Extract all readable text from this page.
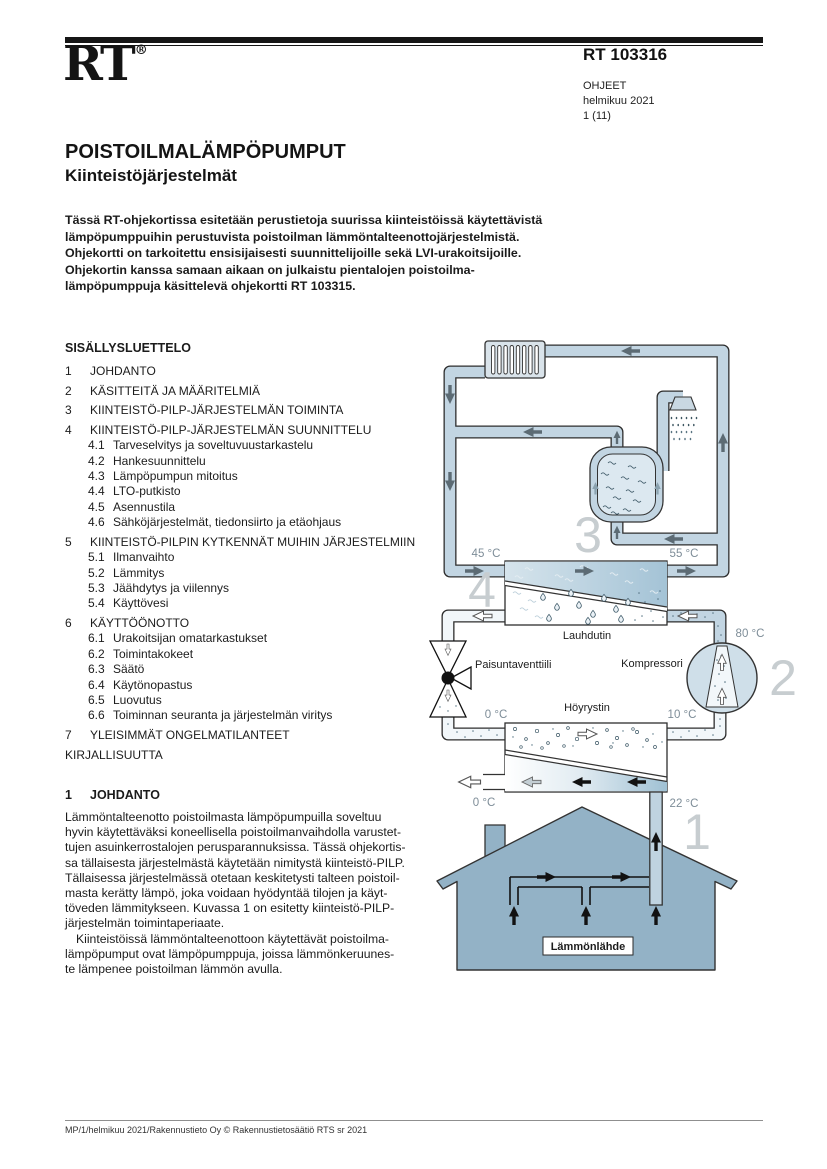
RT®	RT 103316
OHJEET
helmikuu 2021
1 (11)
POISTOILMALÄMPÖPUMPUT
Kiinteistöjärjestelmät
Tässä RT-ohjekortissa esitetään perustietoja suurissa kiinteistöissä käytettävistä
lämpöpumppuihin perustuvista poistoilman lämmöntalteenottojärjestelmistä.
Ohjekortti on tarkoitettu ensisijaisesti suunnittelijoille sekä LVI-urakoitsijoille.
Ohjekortin kanssa samaan aikaan on julkaistu pientalojen poistoilma-
lämpöpumppuja käsittelevä ohjekortti RT 103315.
SISÄLLYSLUETTELO
1 JOHDANTO
2 KÄSITTEITÄ JA MÄÄRITELMIÄ
3 KIINTEISTÖ-PILP-JÄRJESTELMÄN TOIMINTA
4 KIINTEISTÖ-PILP-JÄRJESTELMÄN SUUNNITTELU
4.1 Tarveselvitys ja soveltuvuustarkastelu
4.2 Hankesuunnittelu
4.3 Lämpöpumpun mitoitus
4.4 LTO-putkisto
4.5 Asennustila
4.6 Sähköjärjestelmät, tiedonsiirto ja etäohjaus
5 KIINTEISTÖ-PILPIN KYTKENNÄT MUIHIN JÄRJESTELMIIN
5.1 Ilmanvaihto
5.2 Lämmitys
5.3 Jäähdytys ja viilennys
5.4 Käyttövesi
6 KÄYTTÖÖNOTTO
6.1 Urakoitsijan omatarkastukset
6.2 Toimintakokeet
6.3 Säätö
6.4 Käytönopastus
6.5 Luovutus
6.6 Toiminnan seuranta ja järjestelmän viritys
7 YLEISIMMÄT ONGELMATILANTEET
KIRJALLISUUTTA
1 JOHDANTO
Lämmöntalteenotto poistoilmasta lämpöpumpuilla soveltuu
hyvin käytettäväksi koneellisella poistoilmanvaihdolla varustet-
tujen asuinkerrostalojen perusparannuksissa. Tässä ohjekortis-
sa tällaisesta järjestelmästä käytetään nimitystä kiinteistö-PILP.
Tällaisessa järjestelmässä otetaan keskitetysti talteen poistoil-
masta kerätty lämpö, joka voidaan hyödyntää tilojen ja käyt-
töveden lämmitykseen. Kuvassa 1 on esitetty kiinteistö-PILP-
järjestelmän toimintaperiaate.
Kiinteistöissä lämmöntalteenottoon käytettävät poistoilma-
lämpöpumput ovat lämpöpumppuja, joissa lämmönkeruunes-
te lämpenee poistoilman lämmön avulla.
Lämmönlähde
3
4
2
1
45 °C	55 °C
80 °C
0 °C	10 °C
0 °C	22 °C
Lauhdutin
Kompressori
Paisuntaventtiili
Höyrystin
MP/1/helmikuu 2021/Rakennustieto Oy © Rakennustietosäätiö RTS sr 2021
